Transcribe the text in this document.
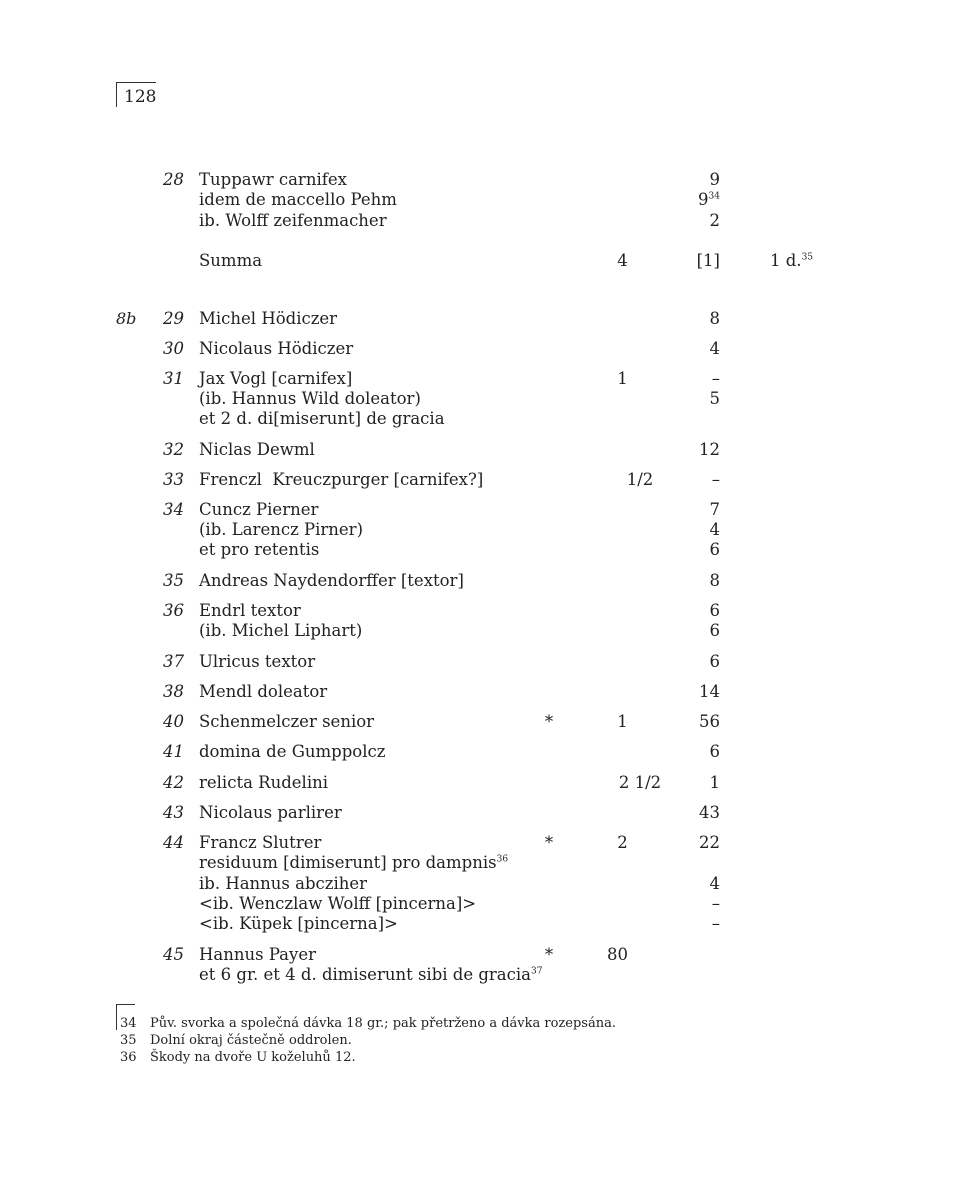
128
8b
28 Tuppawr carnifex	9
idem de maccello Pehm	$9^{34}$
ib. Wolff zeifenmacher	2
Summa	4	[1]	1 d.$^{35}$
29 Michel Hödiczer	8
30 Nicolaus Hödiczer	4
31 Jax Vogl [carnifex]	1	–
(ib. Hannus Wild doleator)	5
et 2 d. di[miserunt] de gracia
32 Niclas Dewml	12
33 Frenczl  Kreuczpurger [carnifex?]	1/2	–
34 Cuncz Pierner	7
(ib. Larencz Pirner)	4
et pro retentis	6
35 Andreas Naydendorffer [textor]	8
36 Endrl textor	6
(ib. Michel Liphart)	6
37 Ulricus textor	6
38 Mendl doleator	14
40 Schenmelczer senior	*	1	56
41 domina de Gumppolcz	6
42 relicta Rudelini	2 1/2	1
43 Nicolaus parlirer	43
44 Francz Slutrer	*	2	22
residuum [dimiserunt] pro dampnis$^{36}$
ib. Hannus abcziher	4
<ib. Wenczlaw Wolff [pincerna]>	–
<ib. Küpek [pincerna]>	–
45 Hannus Payer	*	80
et 6 gr. et 4 d. dimiserunt sibi de gracia$^{37}$
34 Pův. svorka a společná dávka 18 gr.; pak přetrženo a dávka rozepsána.
35 Dolní okraj částečně oddrolen.
36 Škody na dvoře U koželuhů 12.
